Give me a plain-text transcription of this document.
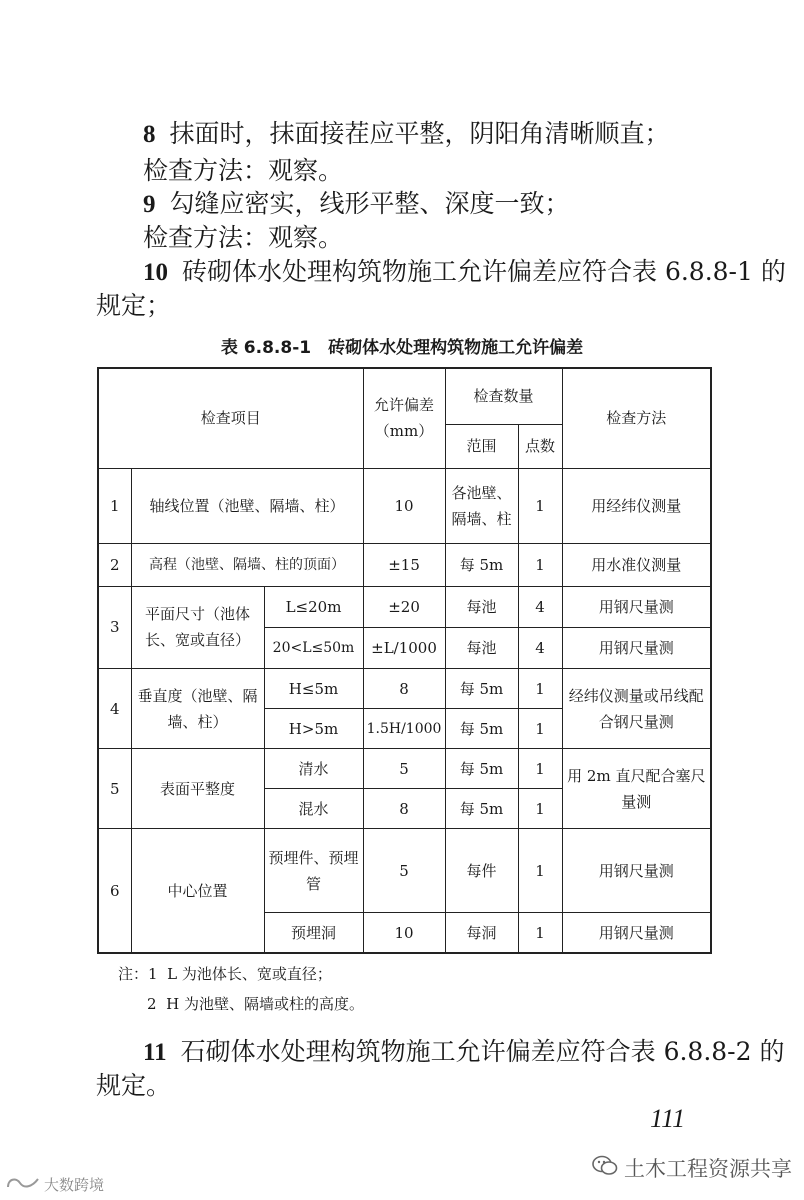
8 抹面时，抹面接茬应平整，阴阳角清晰顺直；
检查方法：观察。
9 勾缝应密实，线形平整、深度一致；
检查方法：观察。
10 砖砌体水处理构筑物施工允许偏差应符合表 6.8.8-1 的
规定；
表 6.8.8-1　砖砌体水处理构筑物施工允许偏差
检查项目			允许偏差
（mm）	检查数量		检查方法
				范围	点数	
1	轴线位置（池壁、隔墙、柱）		10	各池壁、隔墙、柱	1	用经纬仪测量
2	高程（池壁、隔墙、柱的顶面）		±15	每 5m	1	用水准仪测量
3	平面尺寸（池体长、宽或直径）	L≤20m	±20	每池	4	用钢尺量测
		20<L≤50m	±L/1000	每池	4	用钢尺量测
4	垂直度（池壁、隔墙、柱）	H≤5m	8	每 5m	1	经纬仪测量或吊线配合钢尺量测
		H>5m	1.5H/1000	每 5m	1	
5	表面平整度	清水	5	每 5m	1	用 2m 直尺配合塞尺量测
		混水	8	每 5m	1	
6	中心位置	预埋件、预埋管	5	每件	1	用钢尺量测
		预埋洞	10	每洞	1	用钢尺量测
注：1 L 为池体长、宽或直径；
2 H 为池壁、隔墙或柱的高度。
11 石砌体水处理构筑物施工允许偏差应符合表 6.8.8-2 的
规定。
111
土木工程资源共享
大数跨境
